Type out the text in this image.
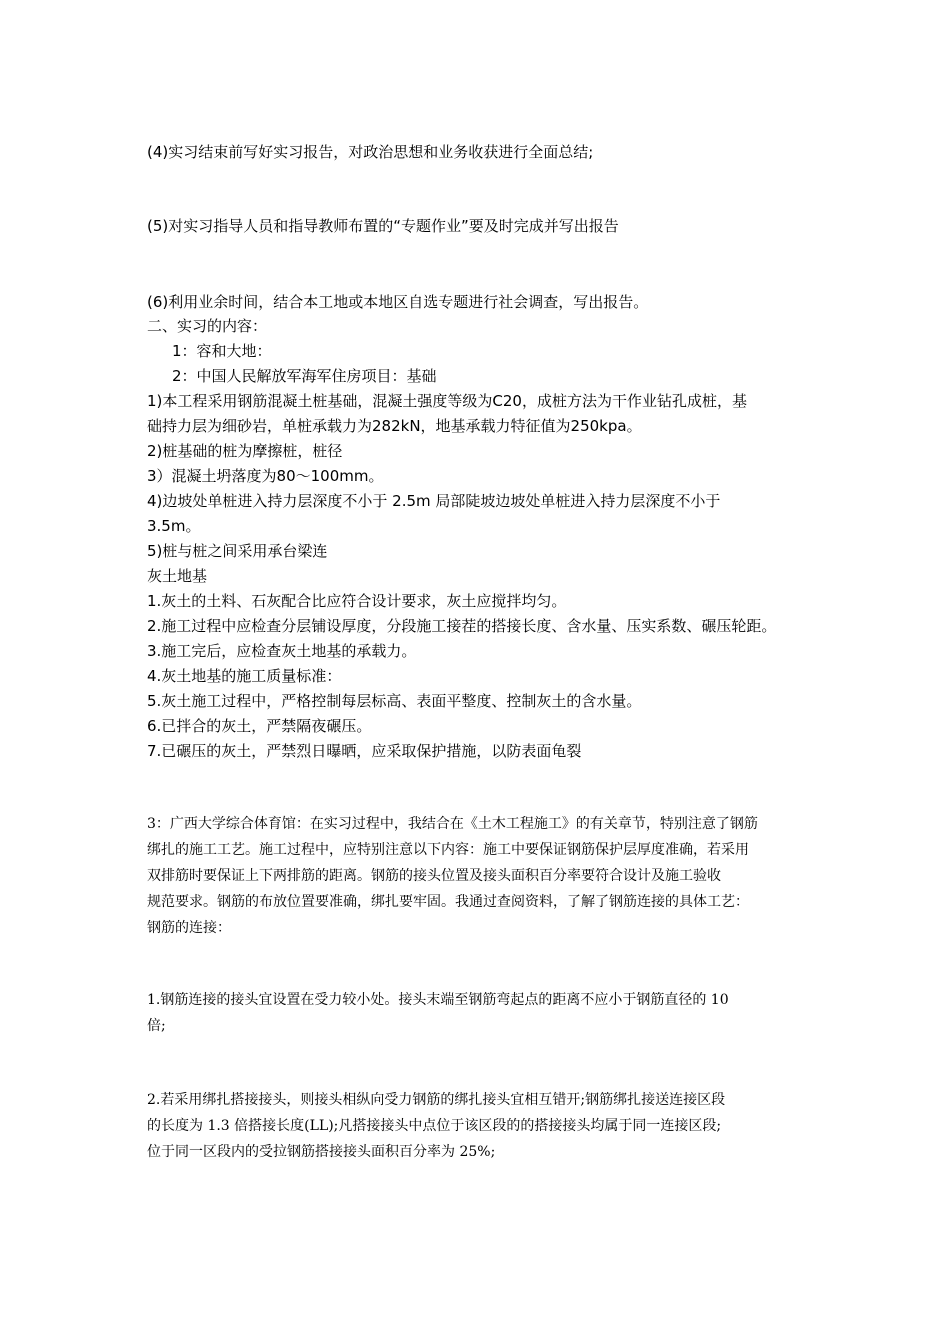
(4)实习结束前写好实习报告，对政治思想和业务收获进行全面总结;

(5)对实习指导人员和指导教师布置的“专题作业”要及时完成并写出报告

(6)利用业余时间，结合本工地或本地区自选专题进行社会调查，写出报告。

二、实习的内容：

1：容和大地：

2：中国人民解放军海军住房项目：基础

1)本工程采用钢筋混凝土桩基础，混凝土强度等级为C20，成桩方法为干作业钻孔成桩，基

础持力层为细砂岩，单桩承载力为282kN，地基承载力特征值为250kpa。

2)桩基础的桩为摩擦桩，桩径

3）混凝土坍落度为80～100mm。

4)边坡处单桩进入持力层深度不小于 2.5m 局部陡坡边坡处单桩进入持力层深度不小于

3.5m。

5)桩与桩之间采用承台梁连

灰土地基

1.灰土的土料、石灰配合比应符合设计要求，灰土应搅拌均匀。

2.施工过程中应检查分层铺设厚度，分段施工接茬的搭接长度、含水量、压实系数、碾压轮距。

3.施工完后，应检查灰土地基的承载力。

4.灰土地基的施工质量标准：

5.灰土施工过程中，严格控制每层标高、表面平整度、控制灰土的含水量。

6.已拌合的灰土，严禁隔夜碾压。

7.已碾压的灰土，严禁烈日曝晒，应采取保护措施，以防表面龟裂

3：广西大学综合体育馆：在实习过程中，我结合在《土木工程施工》的有关章节，特别注意了钢筋

绑扎的施工工艺。施工过程中，应特别注意以下内容：施工中要保证钢筋保护层厚度准确，若采用

双排筋时要保证上下两排筋的距离。钢筋的接头位置及接头面积百分率要符合设计及施工验收

规范要求。钢筋的布放位置要准确，绑扎要牢固。我通过查阅资料，了解了钢筋连接的具体工艺：

钢筋的连接：

1.钢筋连接的接头宜设置在受力较小处。接头末端至钢筋弯起点的距离不应小于钢筋直径的 10

倍;

2.若采用绑扎搭接接头，则接头相纵向受力钢筋的绑扎接头宜相互错开;钢筋绑扎接送连接区段

的长度为 1.3 倍搭接长度(LL);凡搭接接头中点位于该区段的的搭接接头均属于同一连接区段;

位于同一区段内的受拉钢筋搭接接头面积百分率为 25%;
